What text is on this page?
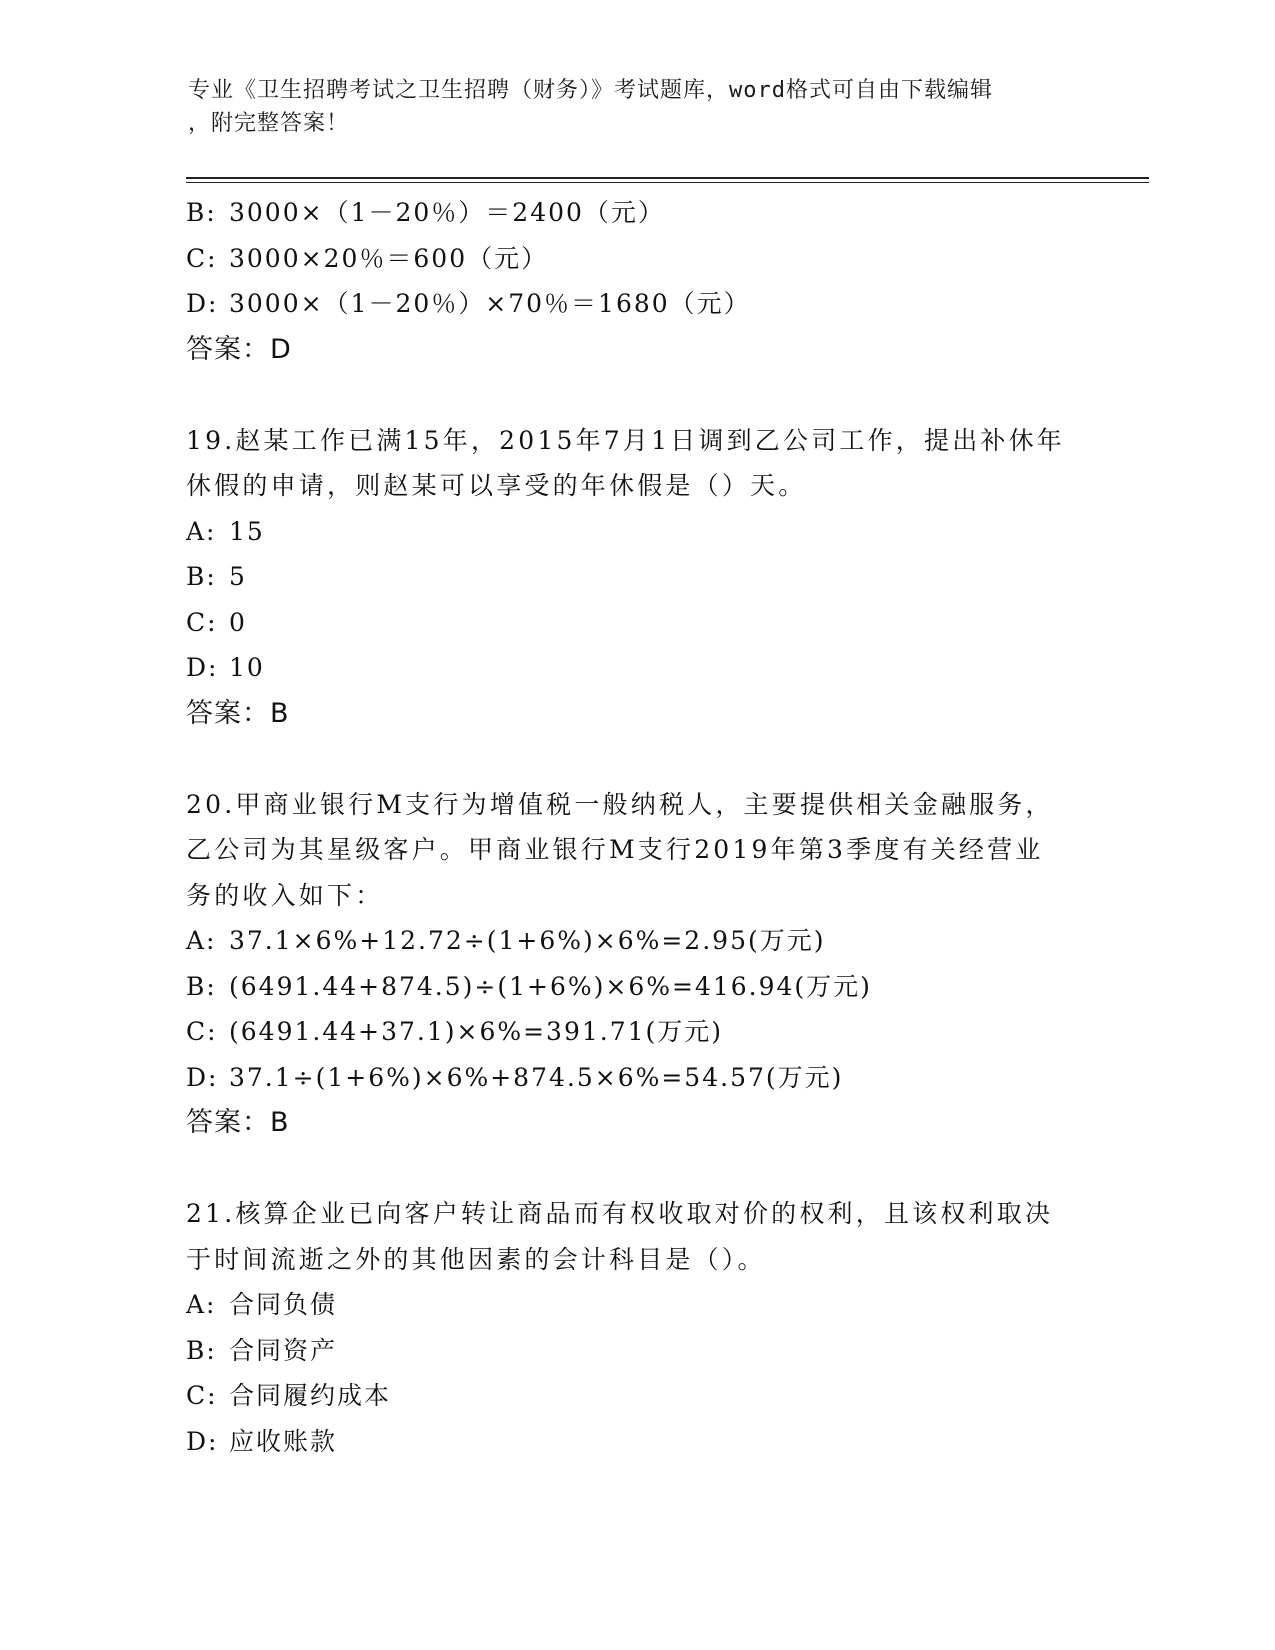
专业《卫生招聘考试之卫生招聘（财务）》考试题库，word格式可自由下载编辑
，附完整答案！
B: 3000×（1－20％）＝2400（元）
C: 3000×20％＝600（元）
D: 3000×（1－20％）×70％＝1680（元）
答案：D
19.赵某工作已满15年，2015年7月1日调到乙公司工作，提出补休年休假的申请，则赵某可以享受的年休假是（）天。
A: 15
B: 5
C: 0
D: 10
答案：B
20.甲商业银行M支行为增值税一般纳税人，主要提供相关金融服务，乙公司为其星级客户。甲商业银行M支行2019年第3季度有关经营业务的收入如下：
A: 37.1×6%+12.72÷(1+6%)×6%=2.95(万元)
B: (6491.44+874.5)÷(1+6%)×6%=416.94(万元)
C: (6491.44+37.1)×6%=391.71(万元)
D: 37.1÷(1+6%)×6%+874.5×6%=54.57(万元)
答案：B
21.核算企业已向客户转让商品而有权收取对价的权利，且该权利取决于时间流逝之外的其他因素的会计科目是（）。
A: 合同负债
B: 合同资产
C: 合同履约成本
D: 应收账款
